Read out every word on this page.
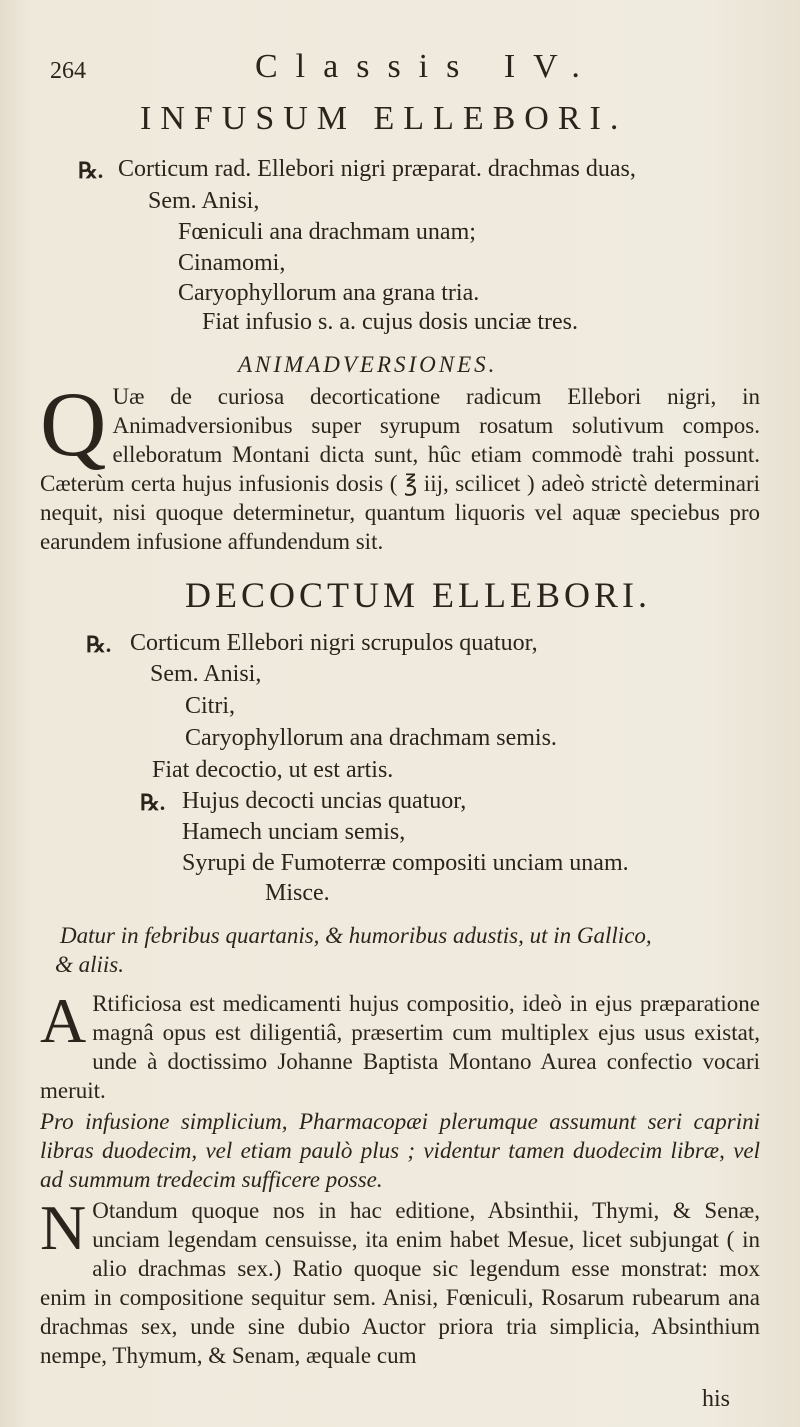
264	Classis IV.
INFUSUM ELLEBORI.
℞. Corticum rad. Ellebori nigri præparat. drachmas duas,
Sem. Anisi,
Fœniculi ana drachmam unam;
Cinamomi,
Caryophyllorum ana grana tria.
Fiat infusio s. a. cujus dosis unciæ tres.
ANIMADVERSIONES.
Q Uæ de curiosa decorticatione radicum Ellebori nigri, in Animadversionibus super syrupum rosatum solutivum compos. elleboratum Montani dicta sunt, hûc etiam commodè trahi possunt. Cæterùm certa hujus infusionis dosis ( ℥ iij, scilicet ) adeò strictè determinari nequit, nisi quoque determinetur, quantum liquoris vel aquæ speciebus pro earundem infusione affundendum sit.
DECOCTUM ELLEBORI.
℞. Corticum Ellebori nigri scrupulos quatuor,
Sem. Anisi,
Citri,
Caryophyllorum ana drachmam semis.
Fiat decoctio, ut est artis.
℞. Hujus decocti uncias quatuor,
Hamech unciam semis,
Syrupi de Fumoterræ compositi unciam unam.
Misce.
Datur in febribus quartanis, & humoribus adustis, ut in Gallico,
& aliis.
A Rtificiosa est medicamenti hujus compositio, ideò in ejus præparatione magnâ opus est diligentiâ, præsertim cum multiplex ejus usus existat, unde à doctissimo Johanne Baptista Montano Aurea confectio vocari meruit.
Pro infusione simplicium, Pharmacopæi plerumque assumunt seri caprini libras duodecim, vel etiam paulò plus ; videntur tamen duodecim libræ, vel ad summum tredecim sufficere posse.
N Otandum quoque nos in hac editione, Absinthii, Thymi, & Senæ, unciam legendam censuisse, ita enim habet Mesue, licet subjungat ( in alio drachmas sex.) Ratio quoque sic legendum esse monstrat: mox enim in compositione sequitur sem. Anisi, Fœniculi, Rosarum rubearum ana drachmas sex, unde sine dubio Auctor priora tria simplicia, Absinthium nempe, Thymum, & Senam, æquale cum
his
